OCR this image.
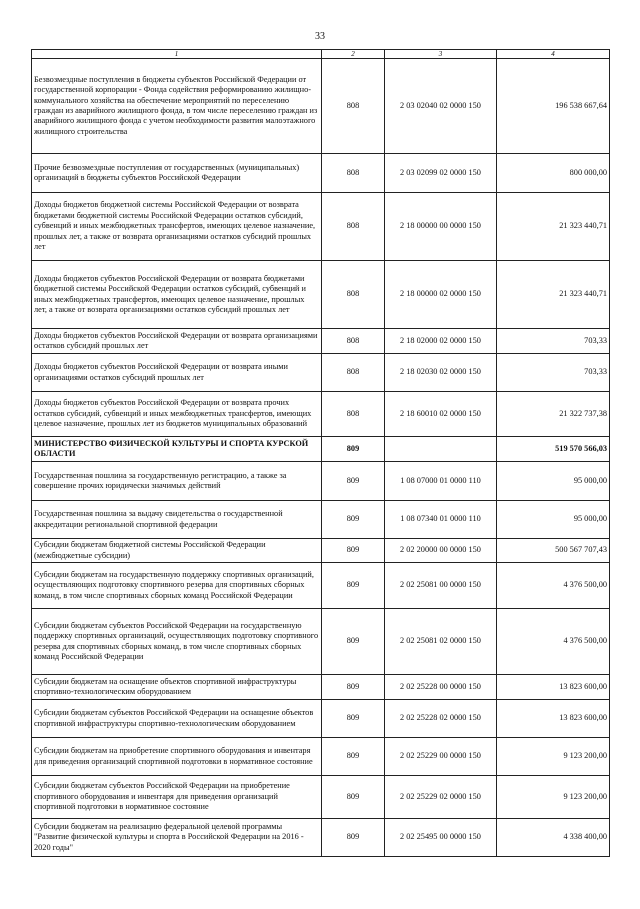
33
1	2	3	4
Безвозмездные поступления в бюджеты субъектов Российской Федерации от государственной корпорации - Фонда содействия реформированию жилищно-коммунального хозяйства на обеспечение мероприятий по переселению граждан из аварийного жилищного фонда, в том числе переселению граждан из аварийного жилищного фонда с учетом необходимости развития малоэтажного жилищного строительства	808	2 03 02040 02 0000 150	196 538 667,64
Прочие безвозмездные поступления от государственных (муниципальных) организаций в бюджеты субъектов Российской Федерации	808	2 03 02099 02 0000 150	800 000,00
Доходы бюджетов бюджетной системы Российской Федерации от возврата бюджетами бюджетной системы Российской Федерации остатков субсидий, субвенций и иных межбюджетных трансфертов, имеющих целевое назначение, прошлых лет, а также от возврата организациями остатков субсидий прошлых лет	808	2 18 00000 00 0000 150	21 323 440,71
Доходы бюджетов субъектов Российской Федерации от возврата бюджетами бюджетной системы Российской Федерации остатков субсидий, субвенций и иных межбюджетных трансфертов, имеющих целевое назначение, прошлых лет, а также от возврата организациями остатков субсидий прошлых лет	808	2 18 00000 02 0000 150	21 323 440,71
Доходы бюджетов субъектов Российской Федерации от возврата организациями остатков субсидий прошлых лет	808	2 18 02000 02 0000 150	703,33
Доходы бюджетов субъектов Российской Федерации от возврата иными организациями остатков субсидий прошлых лет	808	2 18 02030 02 0000 150	703,33
Доходы бюджетов субъектов Российской Федерации от возврата прочих остатков субсидий, субвенций и иных межбюджетных трансфертов, имеющих целевое назначение, прошлых лет из бюджетов муниципальных образований	808	2 18 60010 02 0000 150	21 322 737,38
МИНИСТЕРСТВО ФИЗИЧЕСКОЙ КУЛЬТУРЫ И СПОРТА КУРСКОЙ ОБЛАСТИ	809		519 570 566,03
Государственная пошлина за государственную регистрацию, а также за совершение прочих юридически значимых действий	809	1 08 07000 01 0000 110	95 000,00
Государственная пошлина за выдачу свидетельства о государственной аккредитации региональной спортивной федерации	809	1 08 07340 01 0000 110	95 000,00
Субсидии бюджетам бюджетной системы Российской Федерации (межбюджетные субсидии)	809	2 02 20000 00 0000 150	500 567 707,43
Субсидии бюджетам на государственную поддержку спортивных организаций, осуществляющих подготовку спортивного резерва для спортивных сборных команд, в том числе спортивных сборных команд Российской Федерации	809	2 02 25081 00 0000 150	4 376 500,00
Субсидии бюджетам субъектов Российской Федерации на государственную поддержку спортивных организаций, осуществляющих подготовку спортивного резерва для спортивных сборных команд, в том числе спортивных сборных команд Российской Федерации	809	2 02 25081 02 0000 150	4 376 500,00
Субсидии бюджетам на оснащение объектов спортивной инфраструктуры спортивно-технологическим оборудованием	809	2 02 25228 00 0000 150	13 823 600,00
Субсидии бюджетам субъектов Российской Федерации на оснащение объектов спортивной инфраструктуры спортивно-технологическим оборудованием	809	2 02 25228 02 0000 150	13 823 600,00
Субсидии бюджетам на приобретение спортивного оборудования и инвентаря для приведения организаций спортивной подготовки в нормативное состояние	809	2 02 25229 00 0000 150	9 123 200,00
Субсидии бюджетам субъектов Российской Федерации на приобретение спортивного оборудования и инвентаря для приведения организаций спортивной подготовки в нормативное состояние	809	2 02 25229 02 0000 150	9 123 200,00
Субсидии бюджетам на реализацию федеральной целевой программы "Развитие физической культуры и спорта в Российской Федерации на 2016 - 2020 годы"	809	2 02 25495 00 0000 150	4 338 400,00
